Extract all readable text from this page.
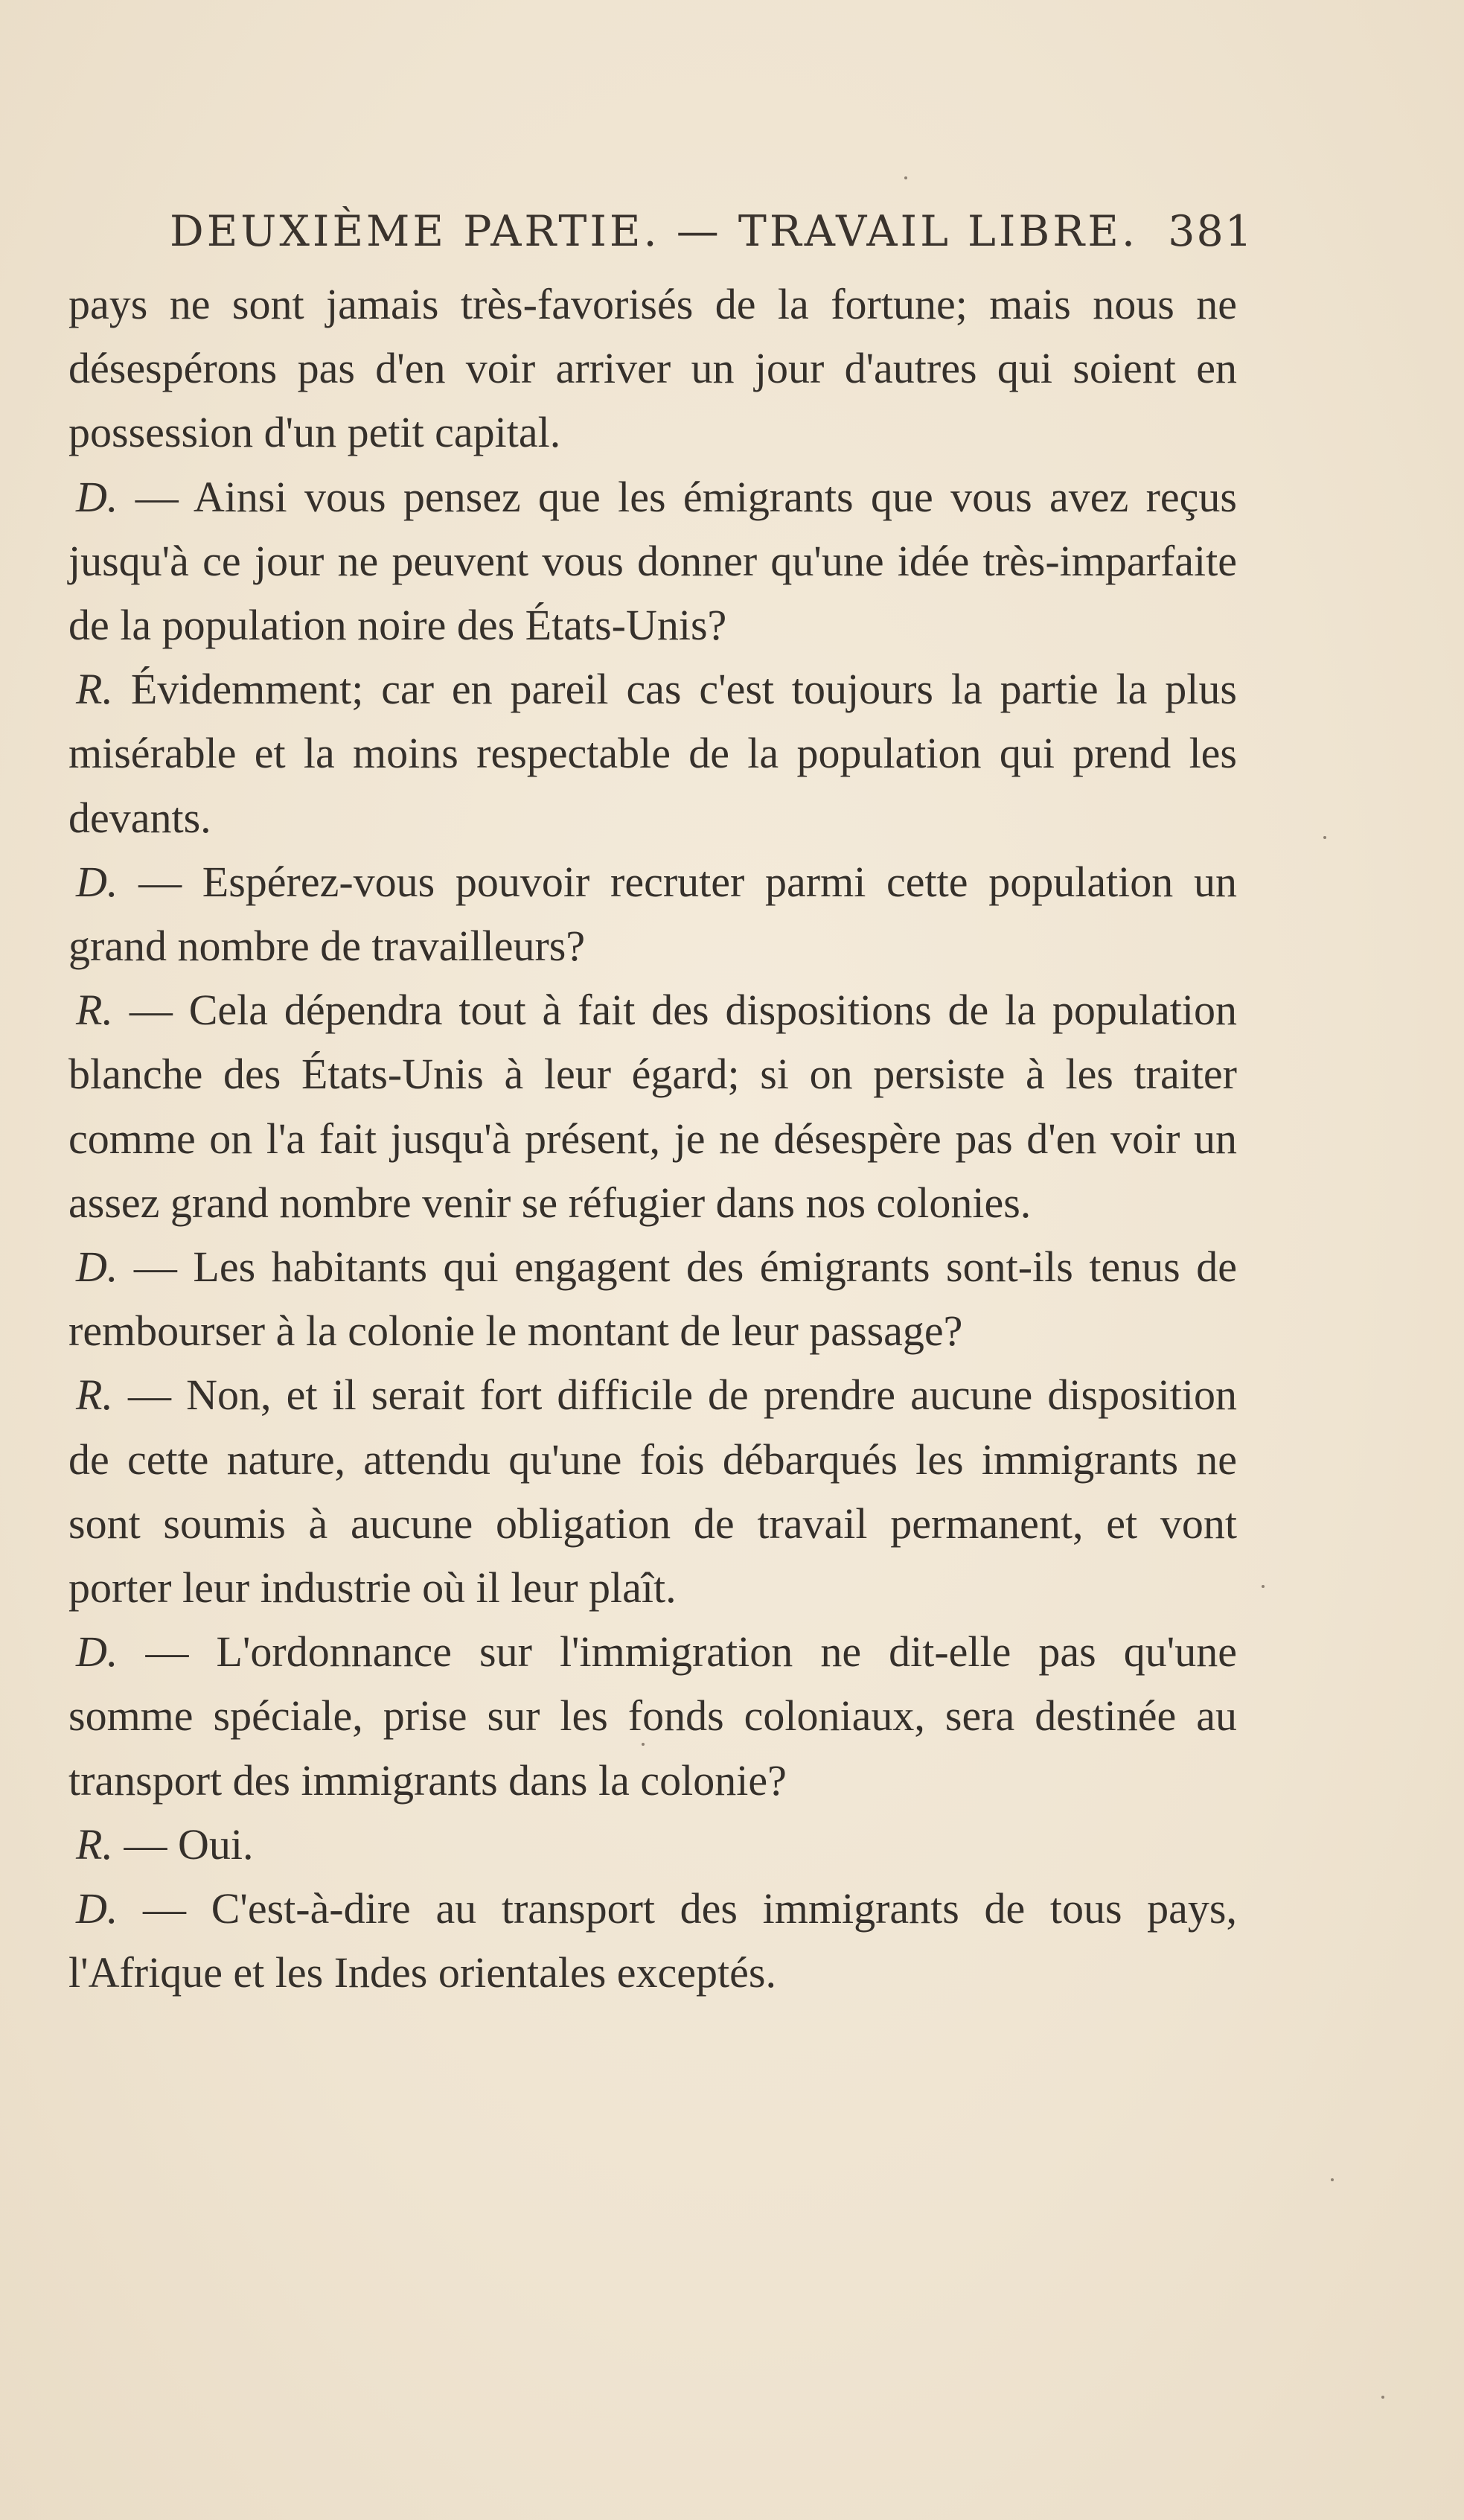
DEUXIÈME PARTIE. — TRAVAIL LIBRE. 381

pays ne sont jamais très-favorisés de la fortune; mais nous ne désespérons pas d'en voir arriver un jour d'autres qui soient en possession d'un petit capital.

D. — Ainsi vous pensez que les émigrants que vous avez reçus jusqu'à ce jour ne peuvent vous donner qu'une idée très-imparfaite de la population noire des États-Unis?

R. Évidemment; car en pareil cas c'est toujours la partie la plus misérable et la moins respectable de la population qui prend les devants.

D. — Espérez-vous pouvoir recruter parmi cette population un grand nombre de travailleurs?

R. — Cela dépendra tout à fait des dispositions de la population blanche des États-Unis à leur égard; si on persiste à les traiter comme on l'a fait jusqu'à présent, je ne désespère pas d'en voir un assez grand nombre venir se réfugier dans nos colonies.

D. — Les habitants qui engagent des émigrants sont-ils tenus de rembourser à la colonie le montant de leur passage?

R. — Non, et il serait fort difficile de prendre aucune disposition de cette nature, attendu qu'une fois débarqués les immigrants ne sont soumis à aucune obligation de travail permanent, et vont porter leur industrie où il leur plaît.

D. — L'ordonnance sur l'immigration ne dit-elle pas qu'une somme spéciale, prise sur les fonds coloniaux, sera destinée au transport des immigrants dans la colonie?

R. — Oui.

D. — C'est-à-dire au transport des immigrants de tous pays, l'Afrique et les Indes orientales exceptés.
